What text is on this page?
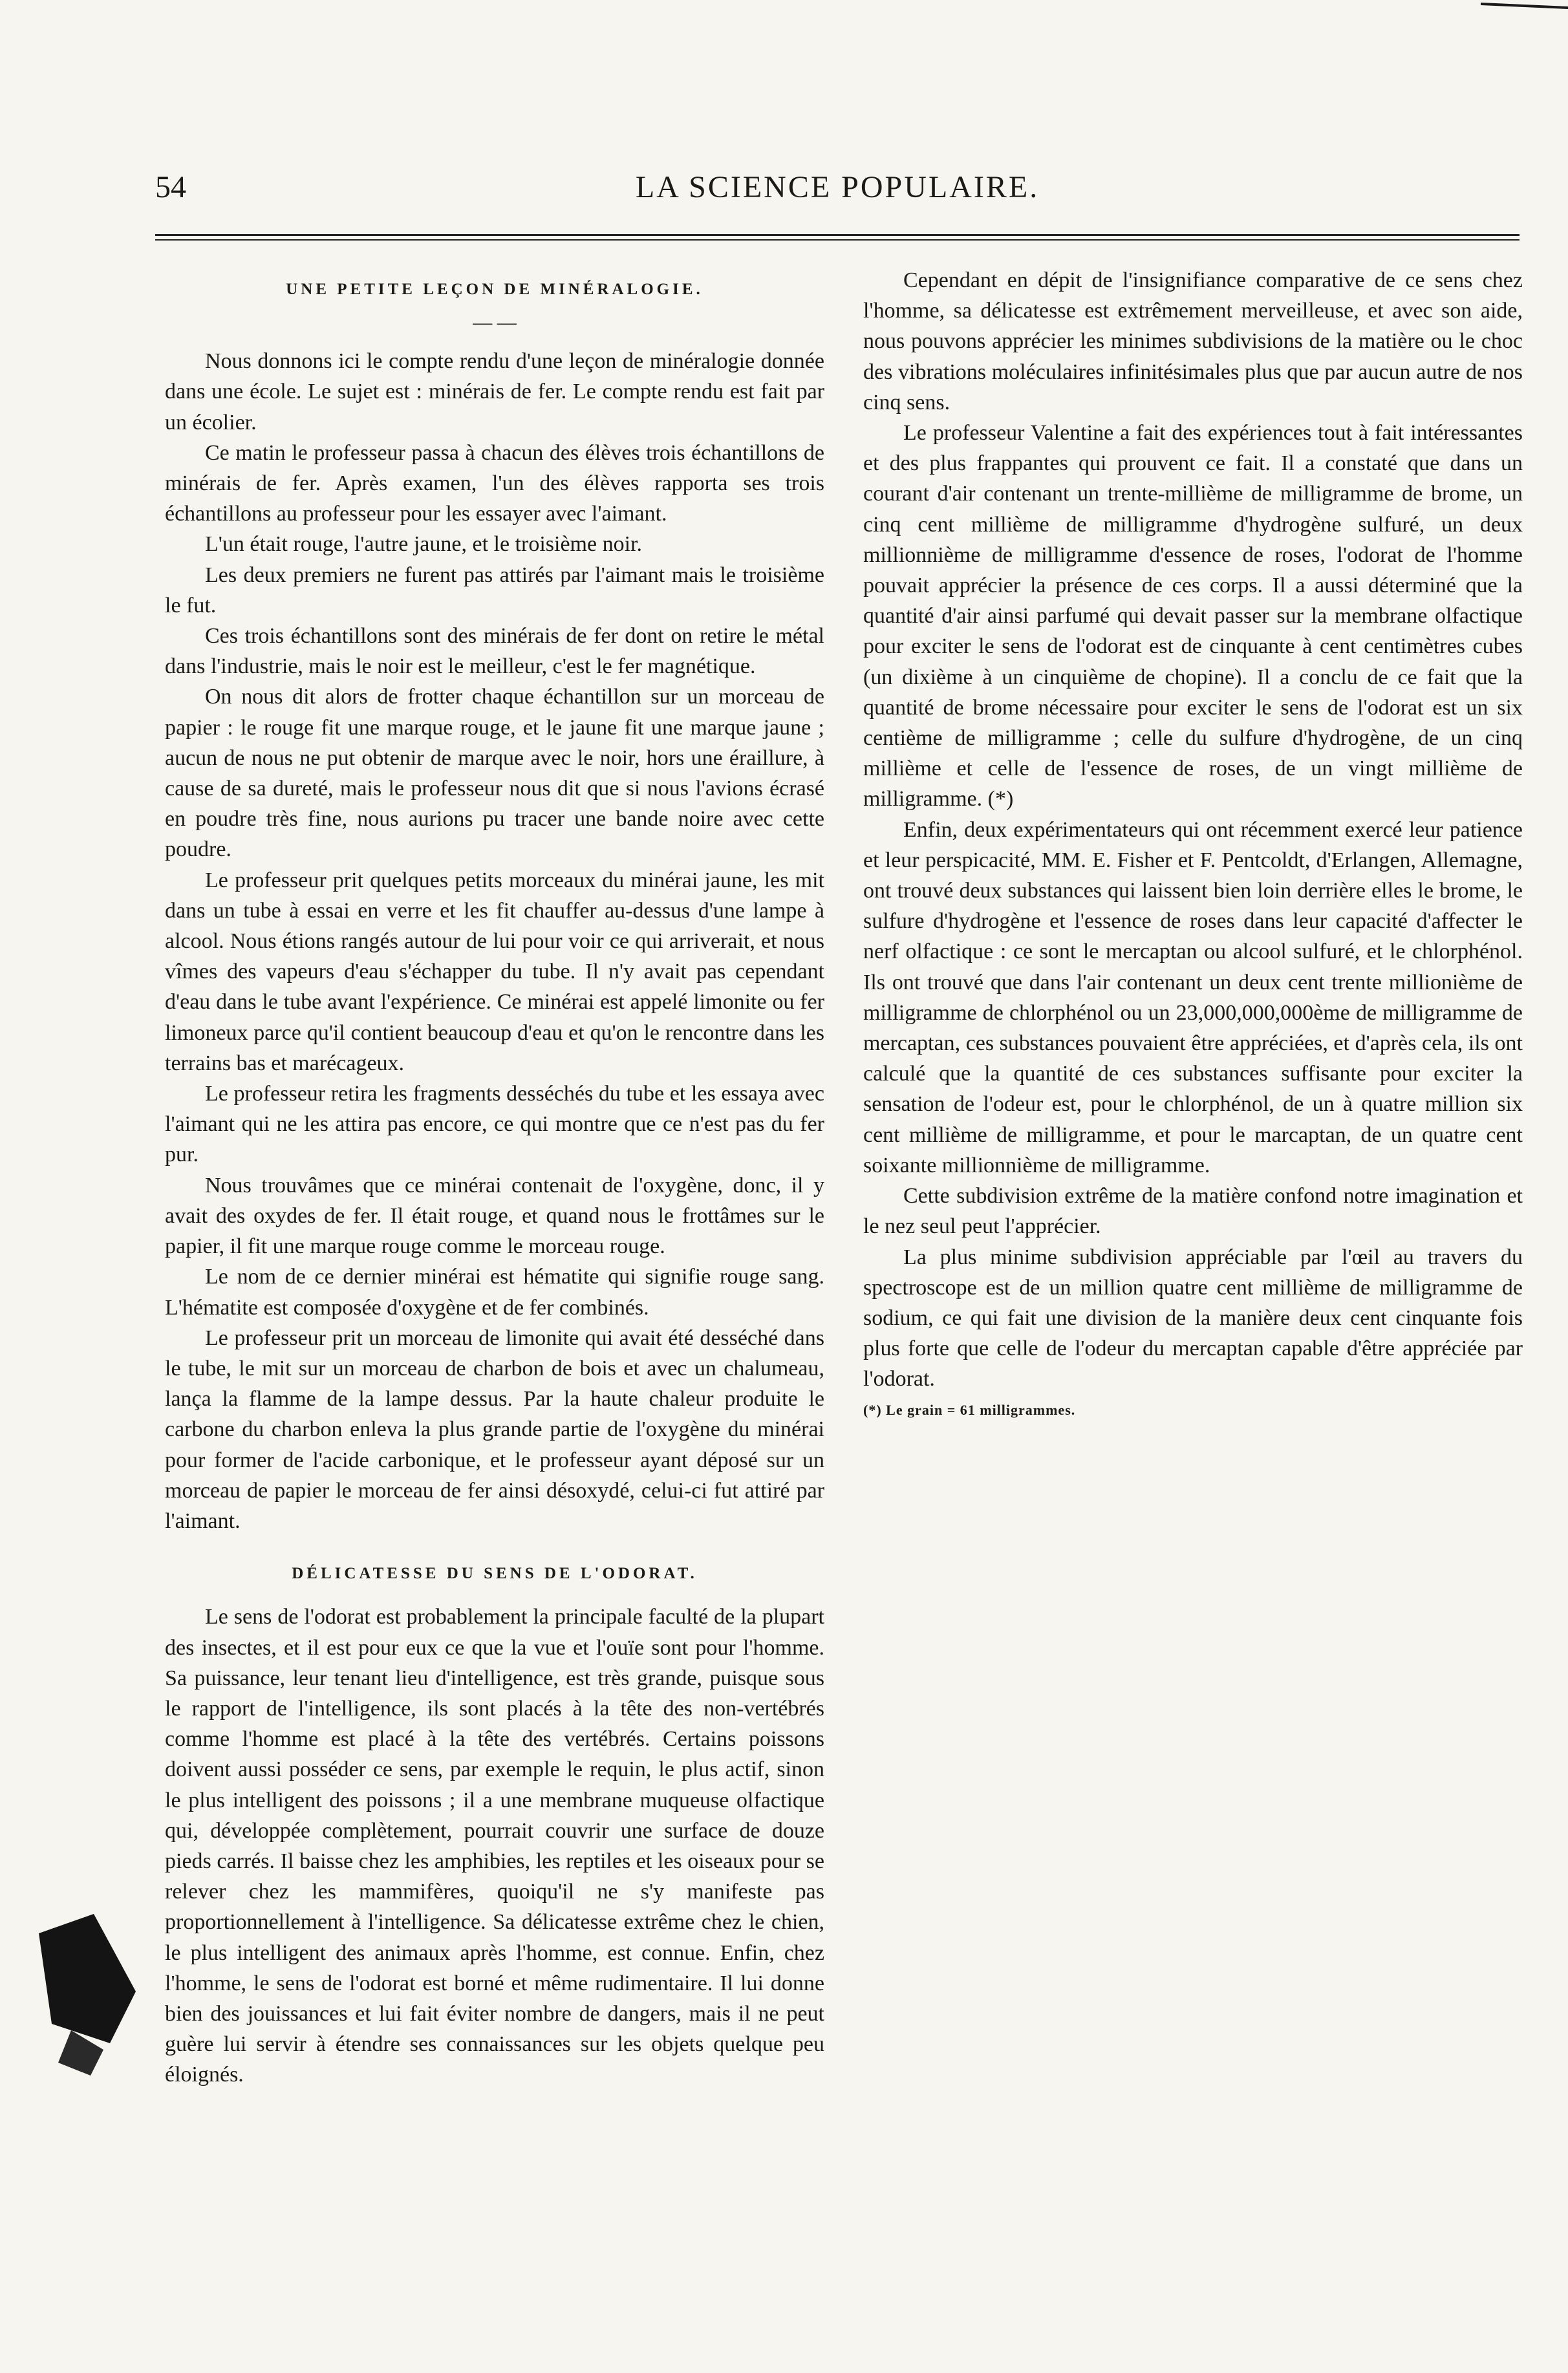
54	LA SCIENCE POPULAIRE.
UNE PETITE LEÇON DE MINÉRALOGIE.
— —

Nous donnons ici le compte rendu d'une leçon de minéralogie donnée dans une école. Le sujet est : minérais de fer. Le compte rendu est fait par un écolier.

Ce matin le professeur passa à chacun des élèves trois échantillons de minérais de fer. Après examen, l'un des élèves rapporta ses trois échantillons au professeur pour les essayer avec l'aimant.

L'un était rouge, l'autre jaune, et le troisième noir.

Les deux premiers ne furent pas attirés par l'aimant mais le troisième le fut.

Ces trois échantillons sont des minérais de fer dont on retire le métal dans l'industrie, mais le noir est le meilleur, c'est le fer magnétique.

On nous dit alors de frotter chaque échantillon sur un morceau de papier : le rouge fit une marque rouge, et le jaune fit une marque jaune ; aucun de nous ne put obtenir de marque avec le noir, hors une éraillure, à cause de sa dureté, mais le professeur nous dit que si nous l'avions écrasé en poudre très fine, nous aurions pu tracer une bande noire avec cette poudre.

Le professeur prit quelques petits morceaux du minérai jaune, les mit dans un tube à essai en verre et les fit chauffer au-dessus d'une lampe à alcool. Nous étions rangés autour de lui pour voir ce qui arriverait, et nous vîmes des vapeurs d'eau s'échapper du tube. Il n'y avait pas cependant d'eau dans le tube avant l'expérience. Ce minérai est appelé limonite ou fer limoneux parce qu'il contient beaucoup d'eau et qu'on le rencontre dans les terrains bas et marécageux.

Le professeur retira les fragments desséchés du tube et les essaya avec l'aimant qui ne les attira pas encore, ce qui montre que ce n'est pas du fer pur.

Nous trouvâmes que ce minérai contenait de l'oxygène, donc, il y avait des oxydes de fer. Il était rouge, et quand nous le frottâmes sur le papier, il fit une marque rouge comme le morceau rouge.

Le nom de ce dernier minérai est hématite qui signifie rouge sang. L'hématite est composée d'oxygène et de fer combinés.

Le professeur prit un morceau de limonite qui avait été desséché dans le tube, le mit sur un morceau de charbon de bois et avec un chalumeau, lança la flamme de la lampe dessus. Par la haute chaleur produite le carbone du charbon enleva la plus grande partie de l'oxygène du minérai pour former de l'acide carbonique, et le professeur ayant déposé sur un morceau de papier le morceau de fer ainsi désoxydé, celui-ci fut attiré par l'aimant.

DÉLICATESSE DU SENS DE L'ODORAT.

Le sens de l'odorat est probablement la principale faculté de la plupart des insectes, et il est pour eux ce que la vue et l'ouïe sont pour l'homme. Sa puissance, leur tenant lieu d'intelligence, est très grande, puisque sous le rapport de l'intelligence, ils sont placés à la tête des non-vertébrés comme l'homme est placé à la tête des vertébrés. Certains poissons doivent aussi posséder ce sens, par exemple le requin, le plus actif, sinon le plus intelligent des poissons ; il a une membrane muqueuse olfactique qui, développée complètement, pourrait couvrir une surface de douze pieds carrés. Il baisse chez les amphibies, les reptiles et les oiseaux pour se relever chez les mammifères, quoiqu'il ne s'y manifeste pas proportionnellement à l'intelligence. Sa délicatesse extrême chez le chien, le plus intelligent des animaux après l'homme, est connue. Enfin, chez l'homme, le sens de l'odorat est borné et même rudimentaire. Il lui donne bien des jouissances et lui fait éviter nombre de dangers, mais il ne peut guère lui servir à étendre ses connaissances sur les objets quelque peu éloignés.

Cependant en dépit de l'insignifiance comparative de ce sens chez l'homme, sa délicatesse est extrêmement merveilleuse, et avec son aide, nous pouvons apprécier les minimes subdivisions de la matière ou le choc des vibrations moléculaires infinitésimales plus que par aucun autre de nos cinq sens.

Le professeur Valentine a fait des expériences tout à fait intéressantes et des plus frappantes qui prouvent ce fait. Il a constaté que dans un courant d'air contenant un trente-millième de milligramme de brome, un cinq cent millième de milligramme d'hydrogène sulfuré, un deux millionnième de milligramme d'essence de roses, l'odorat de l'homme pouvait apprécier la présence de ces corps. Il a aussi déterminé que la quantité d'air ainsi parfumé qui devait passer sur la membrane olfactique pour exciter le sens de l'odorat est de cinquante à cent centimètres cubes (un dixième à un cinquième de chopine). Il a conclu de ce fait que la quantité de brome nécessaire pour exciter le sens de l'odorat est un six centième de milligramme ; celle du sulfure d'hydrogène, de un cinq millième et celle de l'essence de roses, de un vingt millième de milligramme. (*)

Enfin, deux expérimentateurs qui ont récemment exercé leur patience et leur perspicacité, MM. E. Fisher et F. Pentcoldt, d'Erlangen, Allemagne, ont trouvé deux substances qui laissent bien loin derrière elles le brome, le sulfure d'hydrogène et l'essence de roses dans leur capacité d'affecter le nerf olfactique : ce sont le mercaptan ou alcool sulfuré, et le chlorphénol. Ils ont trouvé que dans l'air contenant un deux cent trente millionième de milligramme de chlorphénol ou un 23,000,000,000ème de milligramme de mercaptan, ces substances pouvaient être appréciées, et d'après cela, ils ont calculé que la quantité de ces substances suffisante pour exciter la sensation de l'odeur est, pour le chlorphénol, de un à quatre million six cent millième de milligramme, et pour le marcaptan, de un quatre cent soixante millionnième de milligramme.

Cette subdivision extrême de la matière confond notre imagination et le nez seul peut l'apprécier.

La plus minime subdivision appréciable par l'œil au travers du spectroscope est de un million quatre cent millième de milligramme de sodium, ce qui fait une division de la manière deux cent cinquante fois plus forte que celle de l'odeur du mercaptan capable d'être appréciée par l'odorat.

(*) Le grain = 61 milligrammes.
